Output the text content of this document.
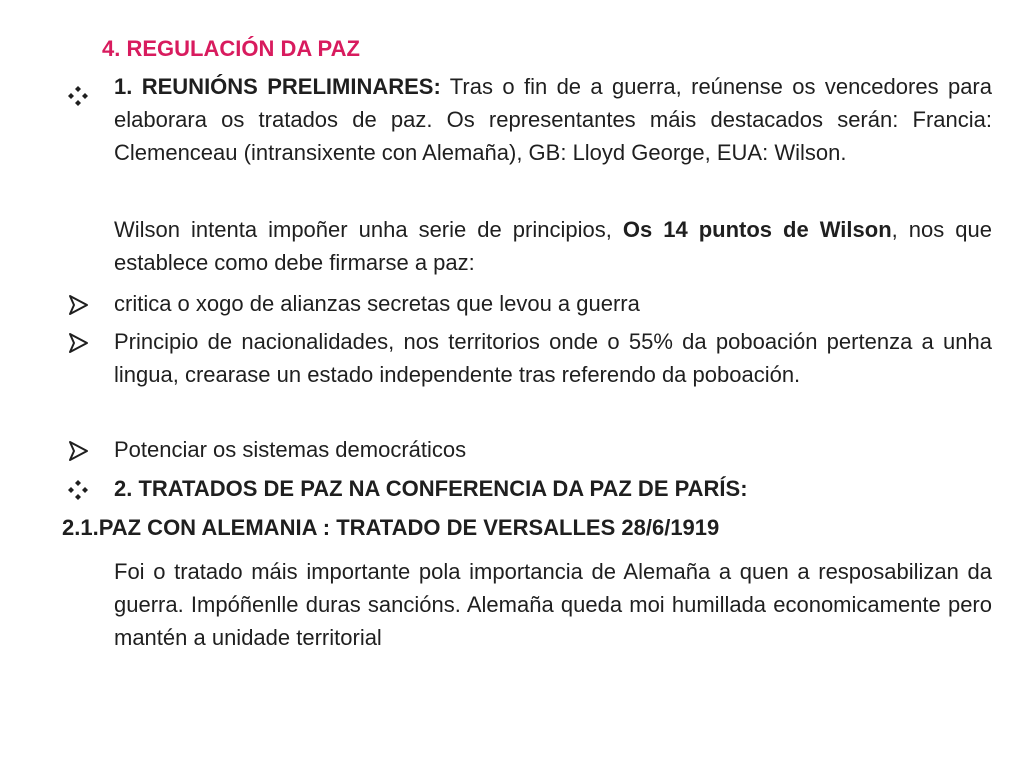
4. REGULACIÓN DA PAZ

1. REUNIÓNS PRELIMINARES: Tras o fin de a guerra, reúnense os vencedores para elaborara os tratados de paz. Os representantes máis destacados serán: Francia: Clemenceau (intransixente con Alemaña), GB: Lloyd George, EUA: Wilson.

Wilson intenta impoñer unha serie de principios, Os 14 puntos de Wilson, nos que establece como debe firmarse a paz:

critica o xogo de alianzas secretas que levou a guerra

Principio de nacionalidades, nos territorios onde o 55% da poboación pertenza a unha lingua, crearase un estado independente tras referendo da poboación.

Potenciar os sistemas democráticos

2. TRATADOS DE PAZ NA CONFERENCIA DA PAZ DE PARÍS:

2.1.PAZ CON ALEMANIA : TRATADO DE VERSALLES 28/6/1919

Foi o tratado máis importante pola importancia de Alemaña a quen a resposabilizan da guerra. Impóñenlle duras sancións. Alemaña queda moi humillada economicamente pero mantén a unidade territorial
